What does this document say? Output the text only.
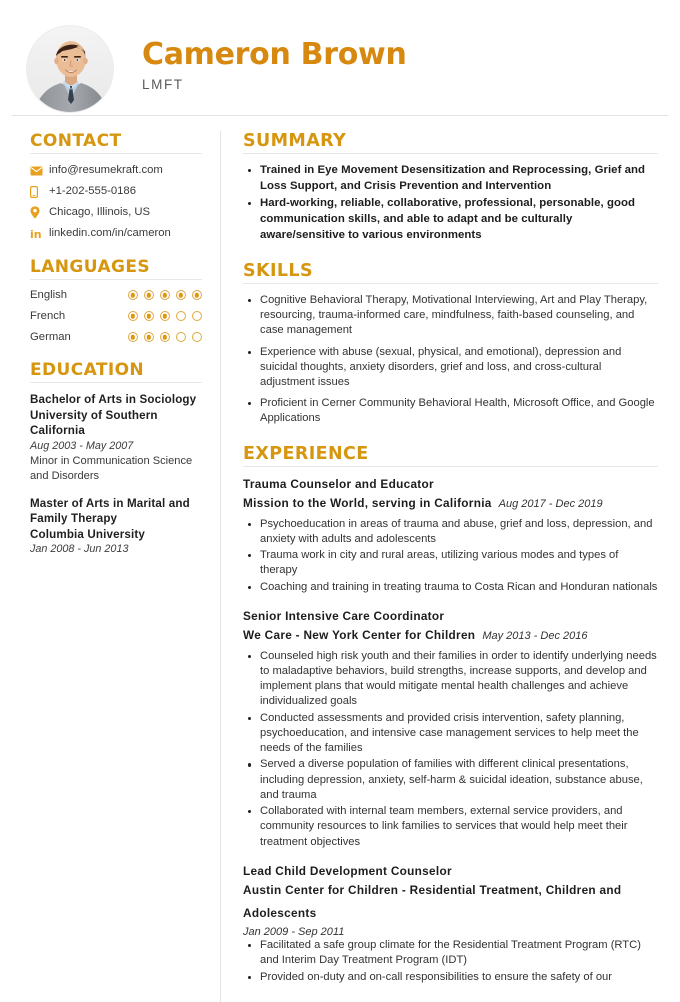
Cameron Brown
LMFT
CONTACT
info@resumekraft.com
+1-202-555-0186
Chicago, Illinois, US
in linkedin.com/in/cameron
LANGUAGES
English
French
German
EDUCATION
Bachelor of Arts in Sociology
University of Southern California
Aug 2003 - May 2007
Minor in Communication Science and Disorders
Master of Arts in Marital and Family Therapy
Columbia University
Jan 2008 - Jun 2013
SUMMARY
Trained in Eye Movement Desensitization and Reprocessing, Grief and Loss Support, and Crisis Prevention and Intervention
Hard-working, reliable, collaborative, professional, personable, good communication skills, and able to adapt and be culturally aware/sensitive to various environments
SKILLS
Cognitive Behavioral Therapy, Motivational Interviewing, Art and Play Therapy, resourcing, trauma-informed care, mindfulness, faith-based counseling, and case management
Experience with abuse (sexual, physical, and emotional), depression and suicidal thoughts, anxiety disorders, grief and loss, and cross-cultural adjustment issues
Proficient in Cerner Community Behavioral Health, Microsoft Office, and Google Applications
EXPERIENCE
Trauma Counselor and Educator
Mission to the World, serving in California Aug 2017 - Dec 2019
Psychoeducation in areas of trauma and abuse, grief and loss, depression, and anxiety with adults and adolescents
Trauma work in city and rural areas, utilizing various modes and types of therapy
Coaching and training in treating trauma to Costa Rican and Honduran nationals
Senior Intensive Care Coordinator
We Care - New York Center for Children May 2013 - Dec 2016
Counseled high risk youth and their families in order to identify underlying needs to maladaptive behaviors, build strengths, increase supports, and develop and implement plans that would mitigate mental health challenges and achieve individualized goals
Conducted assessments and provided crisis intervention, safety planning, psychoeducation, and intensive case management services to help meet the needs of the families
Served a diverse population of families with different clinical presentations, including depression, anxiety, self-harm & suicidal ideation, substance abuse, and trauma
Collaborated with internal team members, external service providers, and community resources to link families to services that would help meet their treatment objectives
Lead Child Development Counselor
Austin Center for Children - Residential Treatment, Children and Adolescents
Jan 2009 - Sep 2011
Facilitated a safe group climate for the Residential Treatment Program (RTC) and Interim Day Treatment Program (IDT)
Provided on-duty and on-call responsibilities to ensure the safety of our
